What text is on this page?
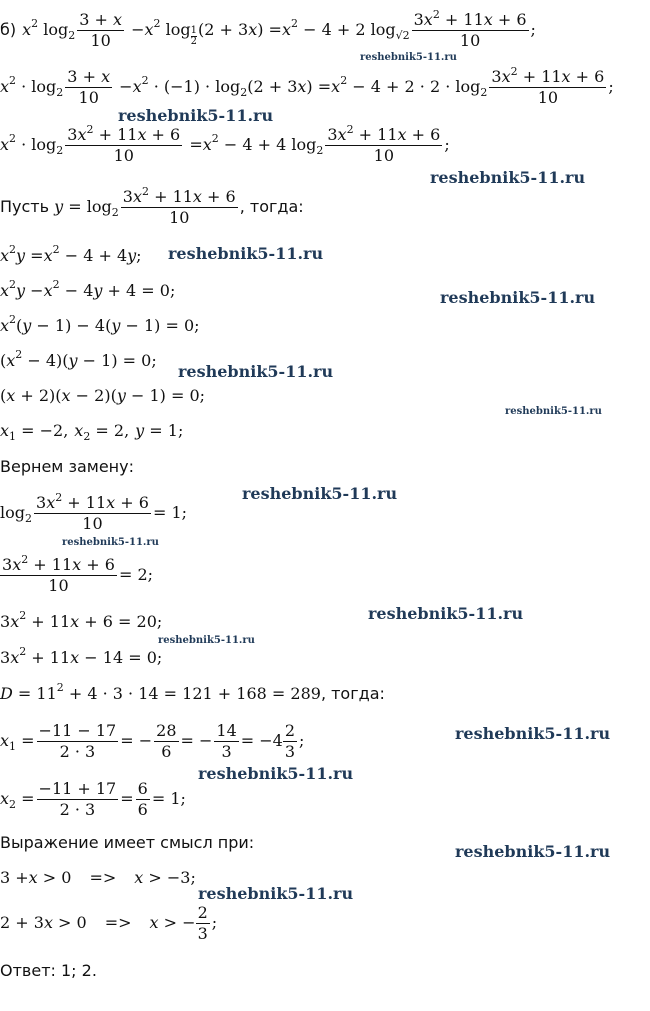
б) x 2 $\log 2 \frac{3 + x}{10} - x$ 2 log 1
2
(2 + 3 x ) = x 2 − 4 + 2 $\log √2 \frac{3x^2 + 11x + 6}{10}$ ;
x 2
· $\log 2 \frac{3 + x}{10} - x$ 2 · (−1) · log 2 (2 + 3 x ) = x $2 - 4 + 2 \cdot 2 \cdot \log 2 \frac{3x^2 + 11x + 6}{10}$ ;
x $2 \cdot \log 2 \frac{3x^2 + 11x + 6}{10} = x$ 2 − 4 + 4 $\log 2 \frac{3x^2 + 11x + 6}{10}$ ;
Пусть
$y = \log 2 \frac{3x^2 + 11x + 6}{10}$ , тогда:
x 2 y = x 2 − 4 + 4 y ;
x 2 y − x 2 − 4 y + 4 = 0;
x 2 ( y − 1) − 4( y − 1) = 0;
( x 2 − 4)( y − 1) = 0;
( x + 2)( x − 2)( y − 1) = 0;
x 1 = −2, x 2 = 2, y = 1;
Вернем замену:
$\log 2 \frac{3x^2 + 11x + 6}{10} = 1$;
$\frac{3x^2 + 11x + 6}{10} = 2$;
3 x 2 + 11 x + 6 = 20;
3 x 2 + 11 x − 14 = 0;
D = 11 2 + 4 · 3 · 14 = 121 + 168 = 289 , тогда:
x $1 = \frac{-11 - 17}{2 \cdot 3}$ = − $\frac{28}{6}$ = − $\frac{14}{3} = -4 \frac{2}{3}$ ;
x $2 = \frac{-11 + 17}{2 \cdot 3} = \frac{6}{6} = 1$;
Выражение имеет смысл при:
3 + x > 0 => x > −3;
2 + 3 x > 0 => x > − $\frac{2}{3}$ ;
Ответ: 1; 2.
reshebnik5-11.ru
reshebnik5-11.ru
reshebnik5-11.ru
reshebnik5-11.ru
reshebnik5-11.ru
reshebnik5-11.ru
reshebnik5-11.ru
reshebnik5-11.ru
reshebnik5-11.ru
reshebnik5-11.ru
reshebnik5-11.ru
reshebnik5-11.ru
reshebnik5-11.ru
reshebnik5-11.ru
reshebnik5-11.ru
